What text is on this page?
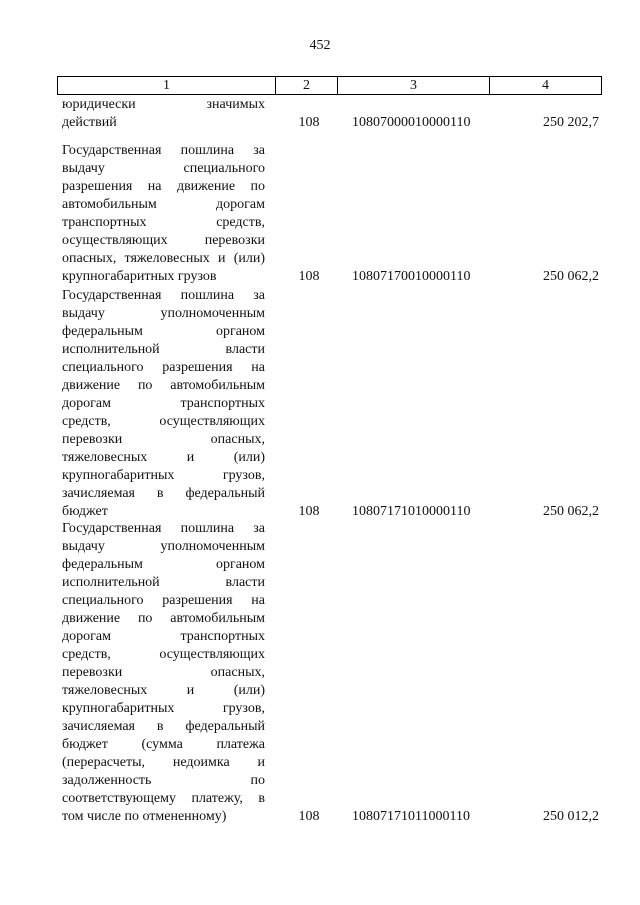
452
1	2	3	4
юридически значимых
действий	108	10807000010000110	250 202,7
Государственная пошлина за
выдачу специального
разрешения на движение по
автомобильным дорогам
транспортных средств,
осуществляющих перевозки
опасных, тяжеловесных и (или)
крупногабаритных грузов	108	10807170010000110	250 062,2
Государственная пошлина за
выдачу уполномоченным
федеральным органом
исполнительной власти
специального разрешения на
движение по автомобильным
дорогам транспортных
средств, осуществляющих
перевозки опасных,
тяжеловесных и (или)
крупногабаритных грузов,
зачисляемая в федеральный
бюджет	108	10807171010000110	250 062,2
Государственная пошлина за
выдачу уполномоченным
федеральным органом
исполнительной власти
специального разрешения на
движение по автомобильным
дорогам транспортных
средств, осуществляющих
перевозки опасных,
тяжеловесных и (или)
крупногабаритных грузов,
зачисляемая в федеральный
бюджет (сумма платежа
(перерасчеты, недоимка и
задолженность по
соответствующему платежу, в
том числе по отмененному)	108	10807171011000110	250 012,2
